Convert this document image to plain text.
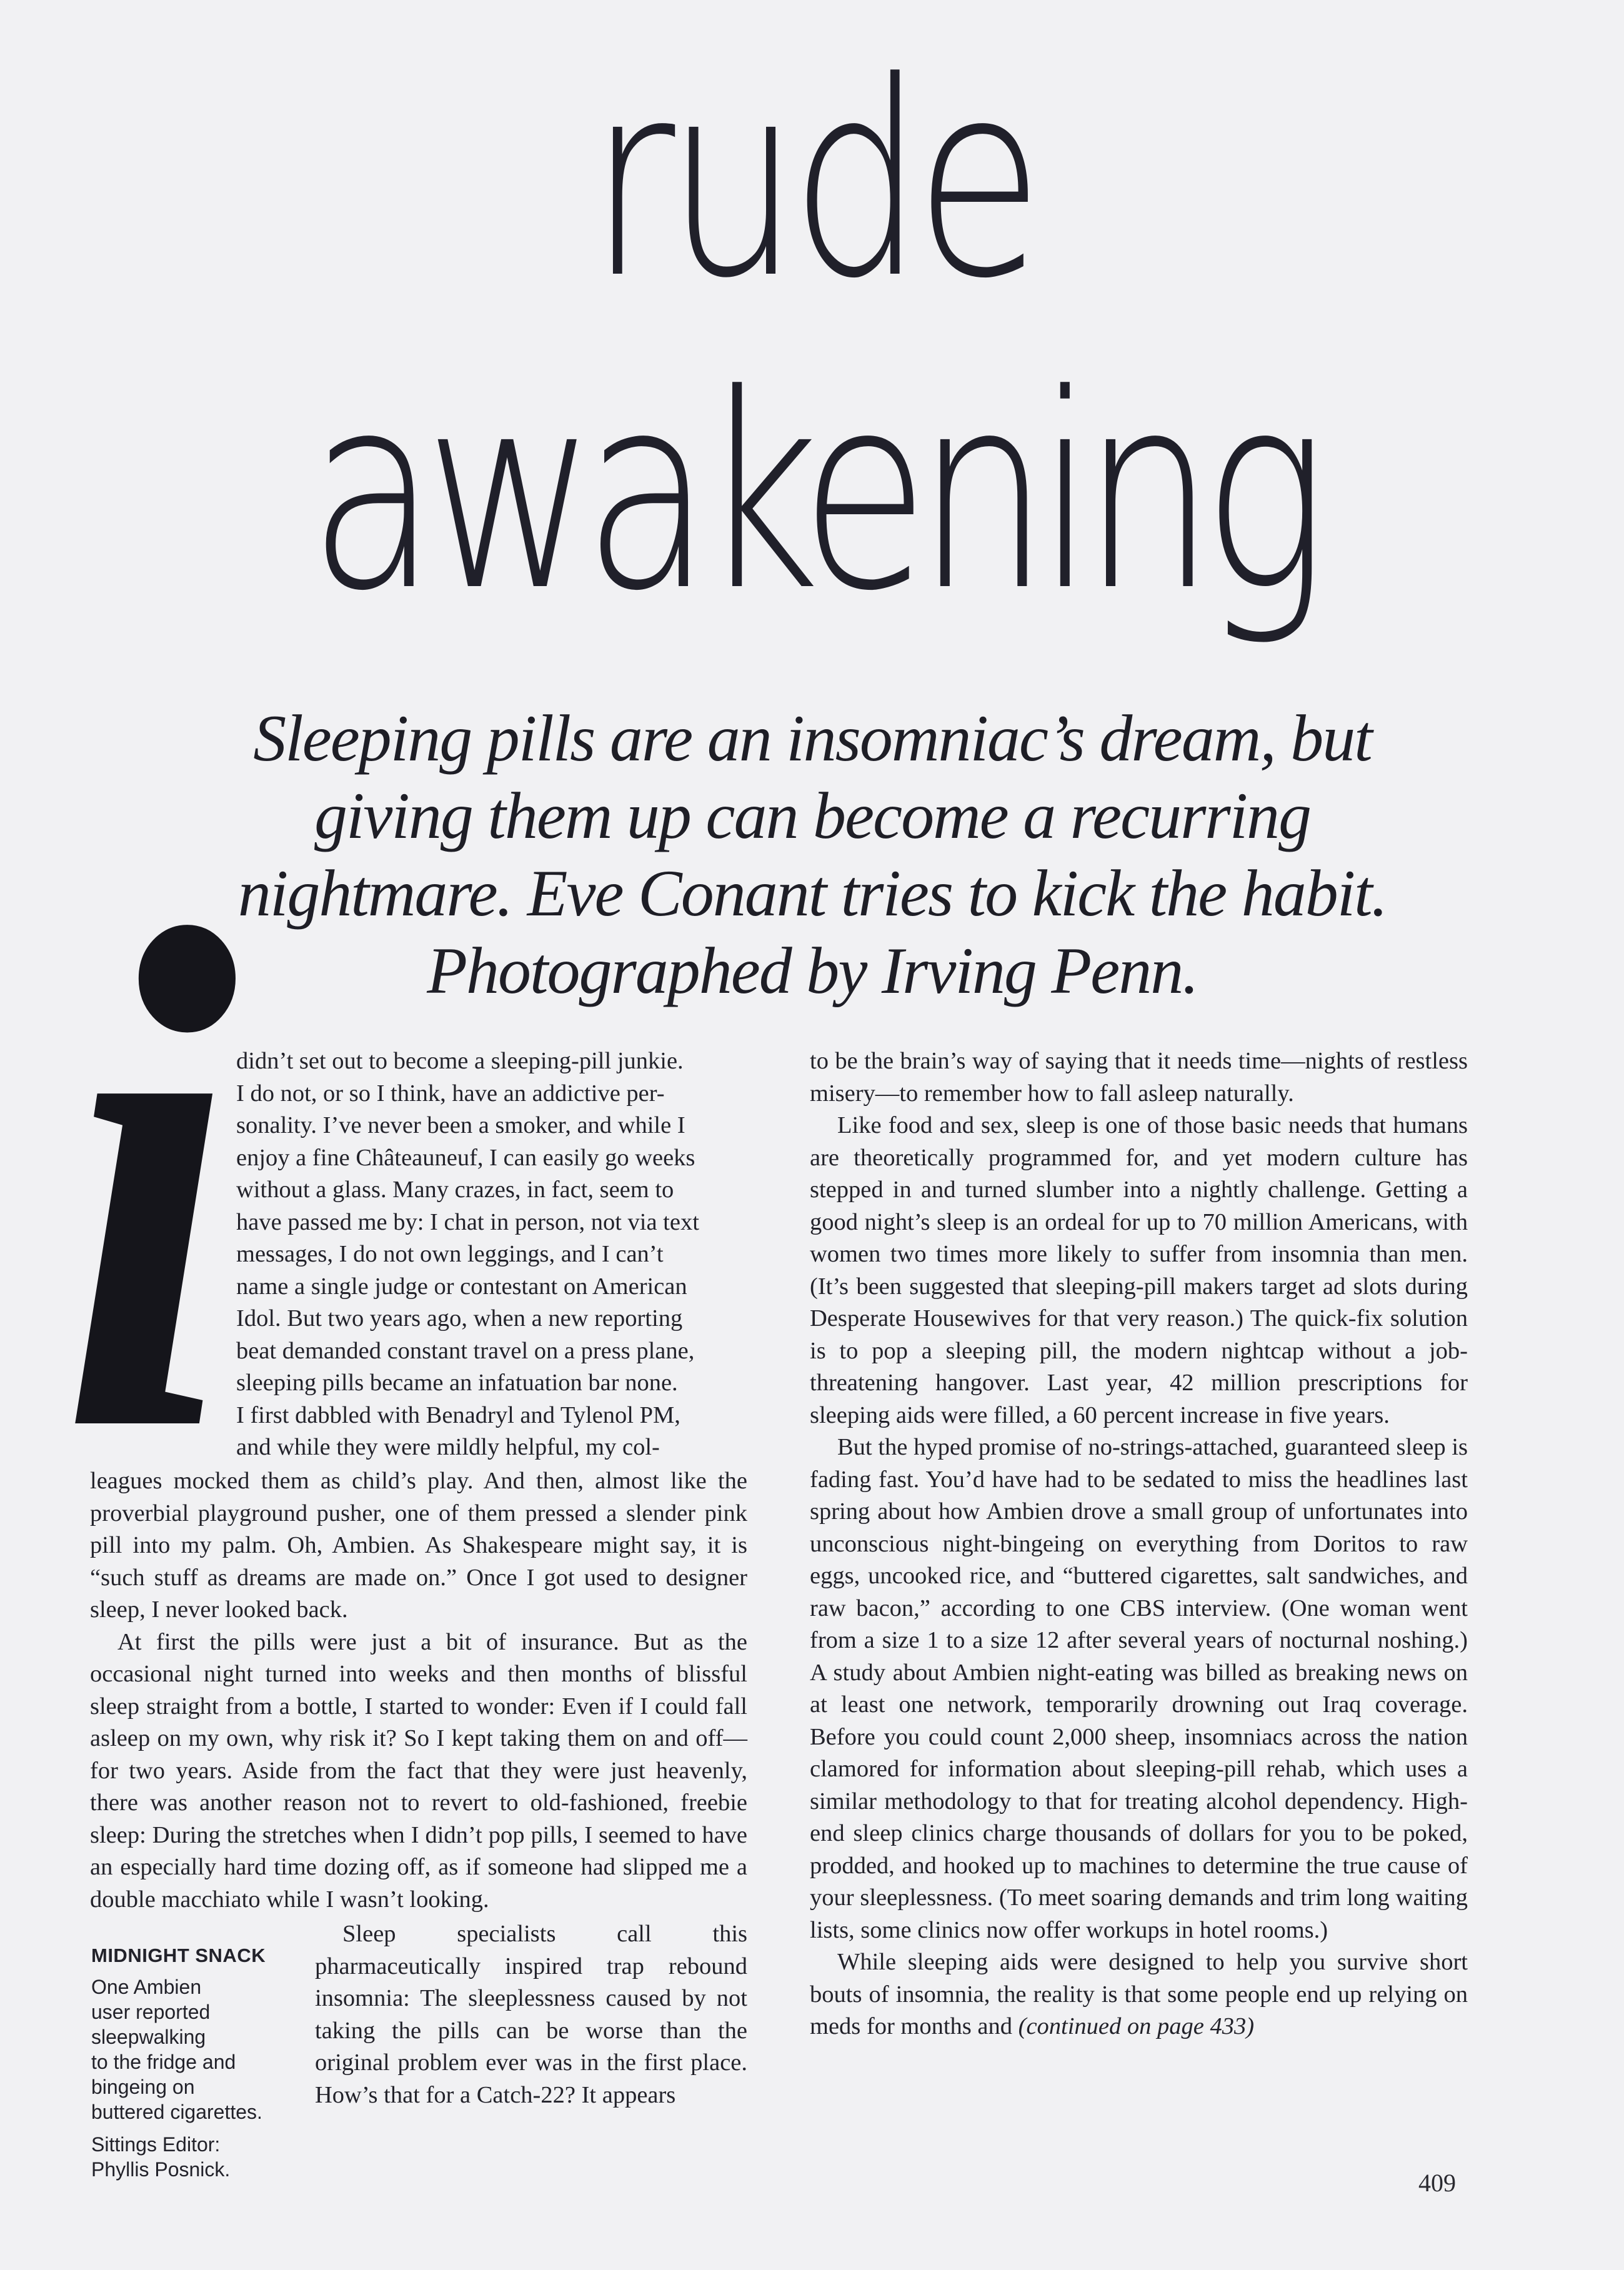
rude
awakening
Sleeping pills are an insomniac’s dream, but
giving them up can become a recurring
nightmare. Eve Conant tries to kick the habit.
Photographed by Irving Penn.
i
didn’t set out to become a sleeping-pill junkie.
I do not, or so I think, have an addictive per-
sonality. I’ve never been a smoker, and while I
enjoy a fine Châteauneuf, I can easily go weeks
without a glass. Many crazes, in fact, seem to
have passed me by: I chat in person, not via text
messages, I do not own leggings, and I can’t
name a single judge or contestant on American
Idol. But two years ago, when a new reporting
beat demanded constant travel on a press plane,
sleeping pills became an infatuation bar none.
I first dabbled with Benadryl and Tylenol PM,
and while they were mildly helpful, my col-

leagues mocked them as child’s play. And then, almost like the proverbial playground pusher, one of them pressed a slender pink pill into my palm. Oh, Ambien. As Shakespeare might say, it is “such stuff as dreams are made on.” Once I got used to designer sleep, I never looked back.

At first the pills were just a bit of insurance. But as the occasional night turned into weeks and then months of blissful sleep straight from a bottle, I started to wonder: Even if I could fall asleep on my own, why risk it? So I kept taking them on and off—for two years. Aside from the fact that they were just heavenly, there was another reason not to revert to old-fashioned, freebie sleep: During the stretches when I didn’t pop pills, I seemed to have an especially hard time dozing off, as if someone had slipped me a double macchiato while I wasn’t looking.

MIDNIGHT SNACK
One Ambien
user reported
sleepwalking
to the fridge and
bingeing on
buttered cigarettes.
Sittings Editor:
Phyllis Posnick.

Sleep specialists call this pharmaceutically inspired trap rebound insomnia: The sleeplessness caused by not taking the pills can be worse than the original problem ever was in the first place. How’s that for a Catch-22? It appears

to be the brain’s way of saying that it needs time—nights of restless misery—to remember how to fall asleep naturally.

Like food and sex, sleep is one of those basic needs that humans are theoretically programmed for, and yet modern culture has stepped in and turned slumber into a nightly challenge. Getting a good night’s sleep is an ordeal for up to 70 million Americans, with women two times more likely to suffer from insomnia than men. (It’s been suggested that sleeping-pill makers target ad slots during Desperate Housewives for that very reason.) The quick-fix solution is to pop a sleeping pill, the modern nightcap without a job-threatening hangover. Last year, 42 million prescriptions for sleeping aids were filled, a 60 percent increase in five years.

But the hyped promise of no-strings-attached, guaranteed sleep is fading fast. You’d have had to be sedated to miss the headlines last spring about how Ambien drove a small group of unfortunates into unconscious night-bingeing on everything from Doritos to raw eggs, uncooked rice, and “buttered cigarettes, salt sandwiches, and raw bacon,” according to one CBS interview. (One woman went from a size 1 to a size 12 after several years of nocturnal noshing.) A study about Ambien night-eating was billed as breaking news on at least one network, temporarily drowning out Iraq coverage. Before you could count 2,000 sheep, insomniacs across the nation clamored for information about sleeping-pill rehab, which uses a similar methodology to that for treating alcohol dependency. High-end sleep clinics charge thousands of dollars for you to be poked, prodded, and hooked up to machines to determine the true cause of your sleeplessness. (To meet soaring demands and trim long waiting lists, some clinics now offer workups in hotel rooms.)

While sleeping aids were designed to help you survive short bouts of insomnia, the reality is that some people end up relying on meds for months and (continued on page 433)

409
